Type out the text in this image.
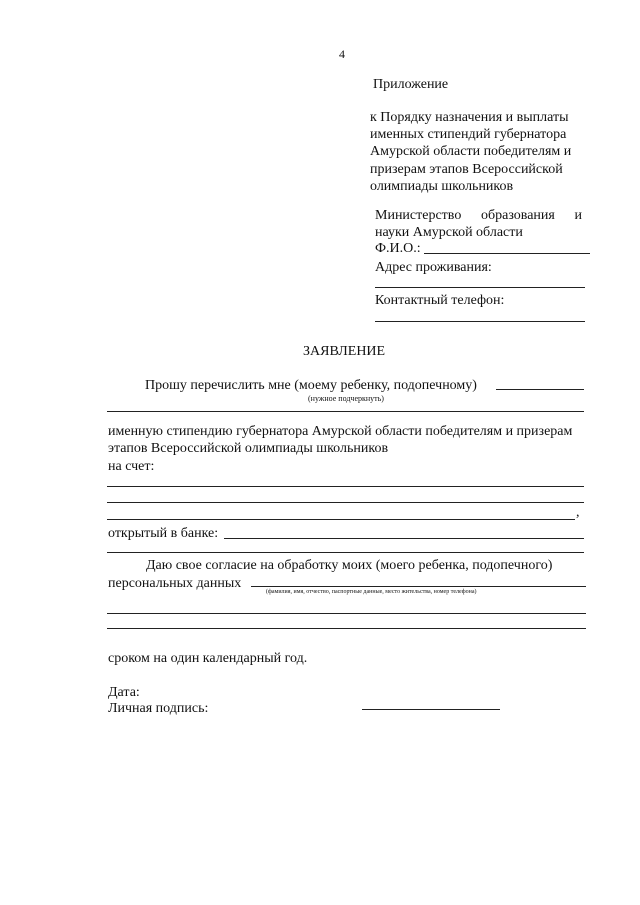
4
Приложение
к Порядку назначения и выплаты
именных стипендий губернатора
Амурской области победителям и
призерам этапов Всероссийской
олимпиады школьников
Министерство образования и
науки Амурской области
Ф.И.О.:
Адрес проживания:
Контактный телефон:
ЗАЯВЛЕНИЕ
Прошу перечислить мне (моему ребенку, подопечному)
(нужное подчеркнуть)
именную стипендию губернатора Амурской области победителям и призерам
этапов Всероссийской олимпиады школьников
на счет:
,
открытый в банке:
Даю свое согласие на обработку моих (моего ребенка, подопечного)
персональных данных
(фамилия, имя, отчество, паспортные данные, место жительства, номер телефона)
сроком на один календарный год.
Дата:
Личная подпись:
